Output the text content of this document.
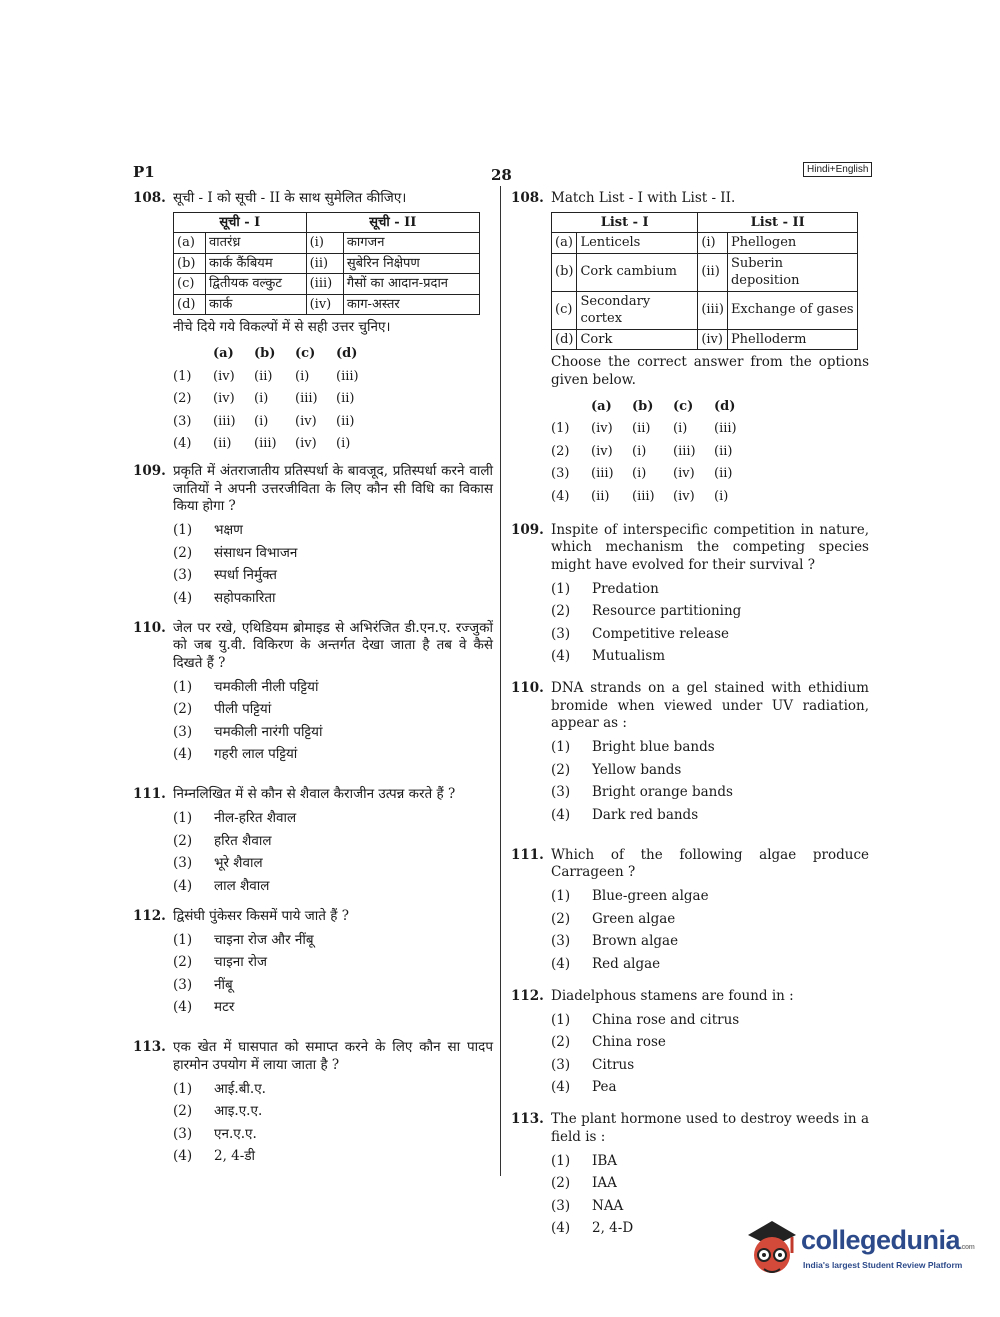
P1	28	Hindi+English
108. सूची - I को सूची - II के साथ सुमेलित कीजिए।
सूची - I		सूची - II	
(a)	वातरंध्र	(i)	कागजन
(b)	कार्क कैंबियम	(ii)	सुबेरिन निक्षेपण
(c)	द्वितीयक वल्कुट	(iii)	गैसों का आदान-प्रदान
(d)	कार्क	(iv)	काग-अस्तर
नीचे दिये गये विकल्पों में से सही उत्तर चुनिए।
(a)	(b)	(c)	(d)
(1)	(iv)	(ii)	(i)	(iii)
(2)	(iv)	(i)	(iii)	(ii)
(3)	(iii)	(i)	(iv)	(ii)
(4)	(ii)	(iii)	(iv)	(i)
109. प्रकृति में अंतराजातीय प्रतिस्पर्धा के बावजूद, प्रतिस्पर्धा करने वाली जातियों ने अपनी उत्तरजीविता के लिए कौन सी विधि का विकास किया होगा ?
(1)	भक्षण
(2)	संसाधन विभाजन
(3)	स्पर्धा निर्मुक्त
(4)	सहोपकारिता
110. जेल पर रखे, एथिडियम ब्रोमाइड से अभिरंजित डी.एन.ए. रज्जुकों को जब यु.वी. विकिरण के अन्तर्गत देखा जाता है तब वे कैसे दिखते हैं ?
(1)	चमकीली नीली पट्टियां
(2)	पीली पट्टियां
(3)	चमकीली नारंगी पट्टियां
(4)	गहरी लाल पट्टियां
111. निम्नलिखित में से कौन से शैवाल कैराजीन उत्पन्न करते हैं ?
(1)	नील-हरित शैवाल
(2)	हरित शैवाल
(3)	भूरे शैवाल
(4)	लाल शैवाल
112. द्विसंघी पुंकेसर किसमें पाये जाते हैं ?
(1)	चाइना रोज और नींबू
(2)	चाइना रोज
(3)	नींबू
(4)	मटर
113. एक खेत में घासपात को समाप्त करने के लिए कौन सा पादप हारमोन उपयोग में लाया जाता है ?
(1)	आई.बी.ए.
(2)	आइ.ए.ए.
(3)	एन.ए.ए.
(4)	2, 4-डी
108. Match List - I with List - II.
List - I		List - II	
(a)	Lenticels	(i)	Phellogen
(b)	Cork cambium	(ii)	Suberin deposition
(c)	Secondary cortex	(iii)	Exchange of gases
(d)	Cork	(iv)	Phelloderm
Choose the correct answer from the options given below.
(a)	(b)	(c)	(d)
(1)	(iv)	(ii)	(i)	(iii)
(2)	(iv)	(i)	(iii)	(ii)
(3)	(iii)	(i)	(iv)	(ii)
(4)	(ii)	(iii)	(iv)	(i)
109. Inspite of interspecific competition in nature, which mechanism the competing species might have evolved for their survival ?
(1)	Predation
(2)	Resource partitioning
(3)	Competitive release
(4)	Mutualism
110. DNA strands on a gel stained with ethidium bromide when viewed under UV radiation, appear as :
(1)	Bright blue bands
(2)	Yellow bands
(3)	Bright orange bands
(4)	Dark red bands
111. Which of the following algae produce Carrageen ?
(1)	Blue-green algae
(2)	Green algae
(3)	Brown algae
(4)	Red algae
112. Diadelphous stamens are found in :
(1)	China rose and citrus
(2)	China rose
(3)	Citrus
(4)	Pea
113. The plant hormone used to destroy weeds in a field is :
(1)	IBA
(2)	IAA
(3)	NAA
(4)	2, 4-D	collegedunia.com
India's largest Student Review Platform
